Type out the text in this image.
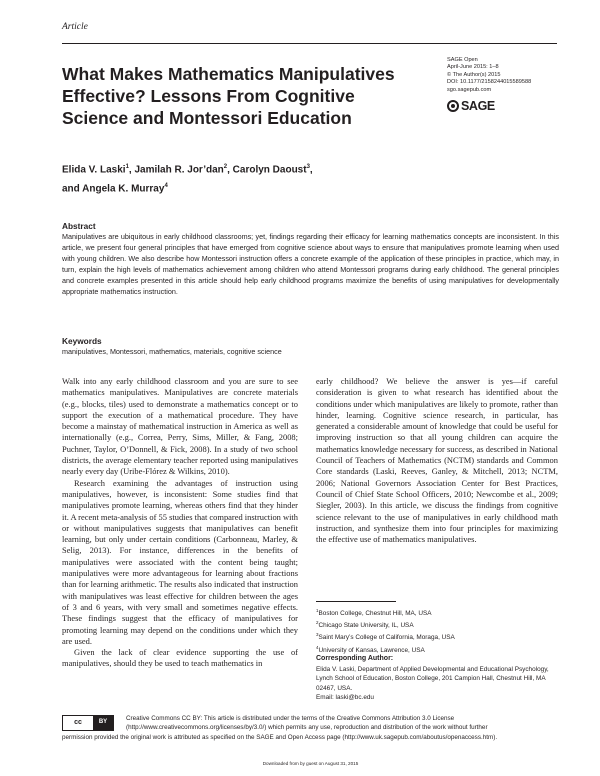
Article
What Makes Mathematics Manipulatives Effective? Lessons From Cognitive Science and Montessori Education
SAGE Open
April-June 2015: 1–8
© The Author(s) 2015
DOI: 10.1177/2158244015589588
sgo.sagepub.com
SAGE
Elida V. Laski$^1$, Jamilah R. Jor’dan$^2$, Carolyn Daoust$^3$,
and Angela K. Murray$^4$
Abstract
Manipulatives are ubiquitous in early childhood classrooms; yet, findings regarding their efficacy for learning mathematics concepts are inconsistent. In this article, we present four general principles that have emerged from cognitive science about ways to ensure that manipulatives promote learning when used with young children. We also describe how Montessori instruction offers a concrete example of the application of these principles in practice, which may, in turn, explain the high levels of mathematics achievement among children who attend Montessori programs during early childhood. The general principles and concrete examples presented in this article should help early childhood programs maximize the benefits of using manipulatives for developmentally appropriate mathematics instruction.
Keywords
manipulatives, Montessori, mathematics, materials, cognitive science

Walk into any early childhood classroom and you are sure to see mathematics manipulatives. Manipulatives are concrete materials (e.g., blocks, tiles) used to demonstrate a mathematics concept or to support the execution of a mathematical procedure. They have become a mainstay of mathematical instruction in America as well as internationally (e.g., Correa, Perry, Sims, Miller, & Fang, 2008; Puchner, Taylor, O’Donnell, & Fick, 2008). In a study of two school districts, the average elementary teacher reported using manipulatives nearly every day (Uribe-Flórez & Wilkins, 2010).

Research examining the advantages of instruction using manipulatives, however, is inconsistent: Some studies find that manipulatives promote learning, whereas others find that they hinder it. A recent meta-analysis of 55 studies that compared instruction with or without manipulatives suggests that manipulatives can benefit learning, but only under certain conditions (Carbonneau, Marley, & Selig, 2013). For instance, differences in the benefits of manipulatives were associated with the content being taught; manipulatives were more advantageous for learning about fractions than for learning arithmetic. The results also indicated that instruction with manipulatives was least effective for children between the ages of 3 and 6 years, with very small and sometimes negative effects. These findings suggest that the efficacy of manipulatives for promoting learning may depend on the conditions under which they are used.

Given the lack of clear evidence supporting the use of manipulatives, should they be used to teach mathematics in

early childhood? We believe the answer is yes—if careful consideration is given to what research has identified about the conditions under which manipulatives are likely to promote, rather than hinder, learning. Cognitive science research, in particular, has generated a considerable amount of knowledge that could be useful for improving instruction so that all young children can acquire the mathematics knowledge necessary for success, as described in National Council of Teachers of Mathematics (NCTM) standards and Common Core standards (Laski, Reeves, Ganley, & Mitchell, 2013; NCTM, 2006; National Governors Association Center for Best Practices, Council of Chief State School Officers, 2010; Newcombe et al., 2009; Siegler, 2003). In this article, we discuss the findings from cognitive science relevant to the use of manipulatives in early childhood math instruction, and synthesize them into four principles for maximizing the effective use of mathematics manipulatives.

$^1$Boston College, Chestnut Hill, MA, USA
$^2$Chicago State University, IL, USA
$^3$Saint Mary’s College of California, Moraga, USA
$^4$University of Kansas, Lawrence, USA
Corresponding Author:
Elida V. Laski, Department of Applied Developmental and Educational Psychology, Lynch School of Education, Boston College, 201 Campion Hall, Chestnut Hill, MA 02467, USA.
Email: laski@bc.edu
cc	BY
Creative Commons CC BY: This article is distributed under the terms of the Creative Commons Attribution 3.0 License
(http://www.creativecommons.org/licenses/by/3.0/) which permits any use, reproduction and distribution of the work without further
permission provided the original work is attributed as specified on the SAGE and Open Access page (http://www.uk.sagepub.com/aboutus/openaccess.htm).
Downloaded from by guest on August 31, 2015
